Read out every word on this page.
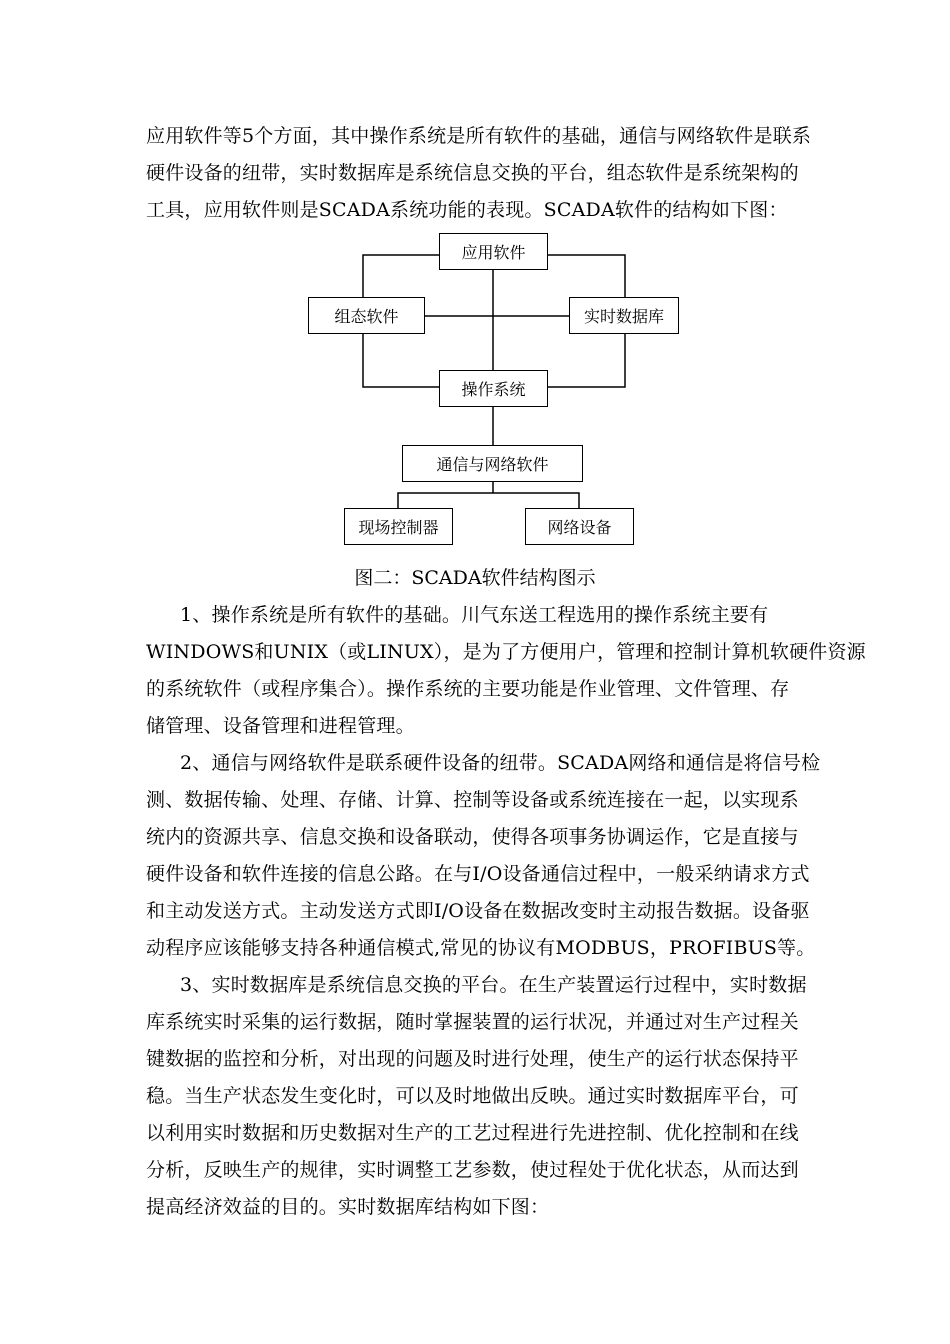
应用软件等5个方面，其中操作系统是所有软件的基础，通信与网络软件是联系
硬件设备的纽带，实时数据库是系统信息交换的平台，组态软件是系统架构的
工具，应用软件则是SCADA系统功能的表现。SCADA软件的结构如下图：
应用软件
组态软件	实时数据库
操作系统
通信与网络软件
现场控制器	网络设备
图二：SCADA软件结构图示
1、操作系统是所有软件的基础。川气东送工程选用的操作系统主要有
WINDOWS和UNIX（或LINUX），是为了方便用户，管理和控制计算机软硬件资源
的系统软件（或程序集合）。操作系统的主要功能是作业管理、文件管理、存
储管理、设备管理和进程管理。
2、通信与网络软件是联系硬件设备的纽带。SCADA网络和通信是将信号检
测、数据传输、处理、存储、计算、控制等设备或系统连接在一起，以实现系
统内的资源共享、信息交换和设备联动，使得各项事务协调运作，它是直接与
硬件设备和软件连接的信息公路。在与I/O设备通信过程中，一般采纳请求方式
和主动发送方式。主动发送方式即I/O设备在数据改变时主动报告数据。设备驱
动程序应该能够支持各种通信模式,常见的协议有MODBUS，PROFIBUS等。
3、实时数据库是系统信息交换的平台。在生产装置运行过程中，实时数据
库系统实时采集的运行数据，随时掌握装置的运行状况，并通过对生产过程关
键数据的监控和分析，对出现的问题及时进行处理，使生产的运行状态保持平
稳。当生产状态发生变化时，可以及时地做出反映。通过实时数据库平台，可
以利用实时数据和历史数据对生产的工艺过程进行先进控制、优化控制和在线
分析，反映生产的规律，实时调整工艺参数，使过程处于优化状态，从而达到
提高经济效益的目的。实时数据库结构如下图：
